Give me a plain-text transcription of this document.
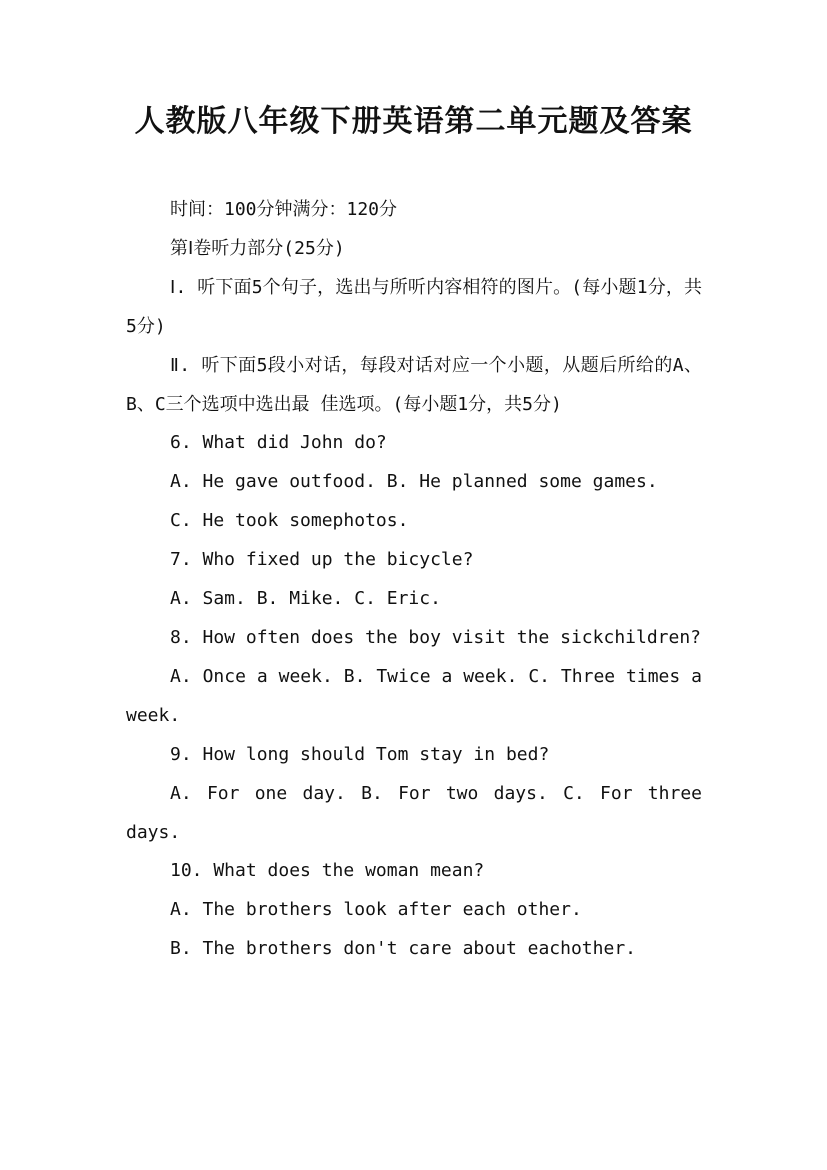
人教版八年级下册英语第二单元题及答案

时间：100分钟满分：120分

第Ⅰ卷听力部分(25分)

Ⅰ. 听下面5个句子，选出与所听内容相符的图片。(每小题1分，共5分)

Ⅱ. 听下面5段小对话，每段对话对应一个小题，从题后所给的A、B、C三个选项中选出最 佳选项。(每小题1分，共5分)

6. What did John do?

A. He gave outfood. B. He planned some games.

C. He took somephotos.

7. Who fixed up the bicycle?

A. Sam. B. Mike. C. Eric.

8. How often does the boy visit the sickchildren?

A. Once a week. B. Twice a week. C. Three times a week.

9. How long should Tom stay in bed?

A. For one day. B. For two days. C. For three days.

10. What does the woman mean?

A. The brothers look after each other.

B. The brothers don't care about eachother.
